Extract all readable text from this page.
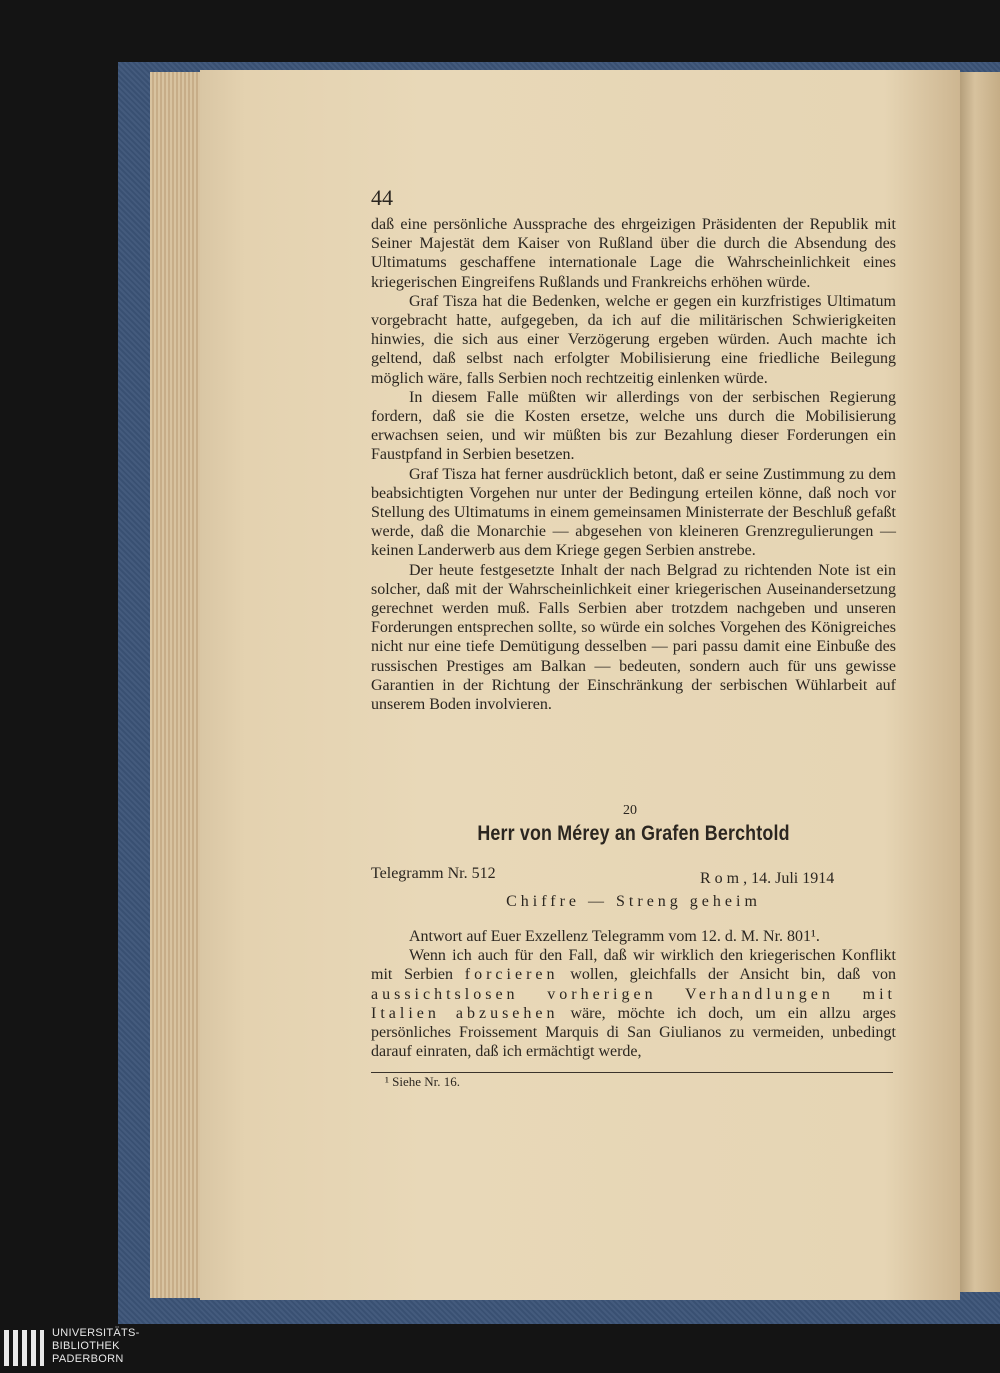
44

daß eine persönliche Aussprache des ehrgeizigen Präsidenten der Republik mit Seiner Majestät dem Kaiser von Rußland über die durch die Absendung des Ultimatums geschaffene internationale Lage die Wahrscheinlichkeit eines kriegerischen Eingreifens Rußlands und Frankreichs erhöhen würde.

Graf Tisza hat die Bedenken, welche er gegen ein kurzfristiges Ultimatum vorgebracht hatte, aufgegeben, da ich auf die militärischen Schwierigkeiten hinwies, die sich aus einer Verzögerung ergeben würden. Auch machte ich geltend, daß selbst nach erfolgter Mobilisierung eine friedliche Beilegung möglich wäre, falls Serbien noch rechtzeitig einlenken würde.

In diesem Falle müßten wir allerdings von der serbischen Regierung fordern, daß sie die Kosten ersetze, welche uns durch die Mobilisierung erwachsen seien, und wir müßten bis zur Bezahlung dieser Forderungen ein Faustpfand in Serbien besetzen.

Graf Tisza hat ferner ausdrücklich betont, daß er seine Zustimmung zu dem beabsichtigten Vorgehen nur unter der Bedingung erteilen könne, daß noch vor Stellung des Ultimatums in einem gemeinsamen Ministerrate der Beschluß gefaßt werde, daß die Monarchie — abgesehen von kleineren Grenzregulierungen — keinen Landerwerb aus dem Kriege gegen Serbien anstrebe.

Der heute festgesetzte Inhalt der nach Belgrad zu richtenden Note ist ein solcher, daß mit der Wahrscheinlichkeit einer kriegerischen Auseinandersetzung gerechnet werden muß. Falls Serbien aber trotzdem nachgeben und unseren Forderungen entsprechen sollte, so würde ein solches Vorgehen des Königreiches nicht nur eine tiefe Demütigung desselben — pari passu damit eine Einbuße des russischen Prestiges am Balkan — bedeuten, sondern auch für uns gewisse Garantien in der Richtung der Einschränkung der serbischen Wühlarbeit auf unserem Boden involvieren.

20
Herr von Mérey an Grafen Berchtold
Telegramm Nr. 512	Rom, 14. Juli 1914
Chiffre — Streng geheim

Antwort auf Euer Exzellenz Telegramm vom 12. d. M. Nr. 801¹.

Wenn ich auch für den Fall, daß wir wirklich den kriegerischen Konflikt mit Serbien forcieren wollen, gleichfalls der Ansicht bin, daß von aussichtslosen vorherigen Verhandlungen mit Italien abzusehen wäre, möchte ich doch, um ein allzu arges persönliches Froissement Marquis di San Giulianos zu vermeiden, unbedingt darauf einraten, daß ich ermächtigt werde,

¹ Siehe Nr. 16.
UNIVERSITÄTS-
BIBLIOTHEK
PADERBORN
